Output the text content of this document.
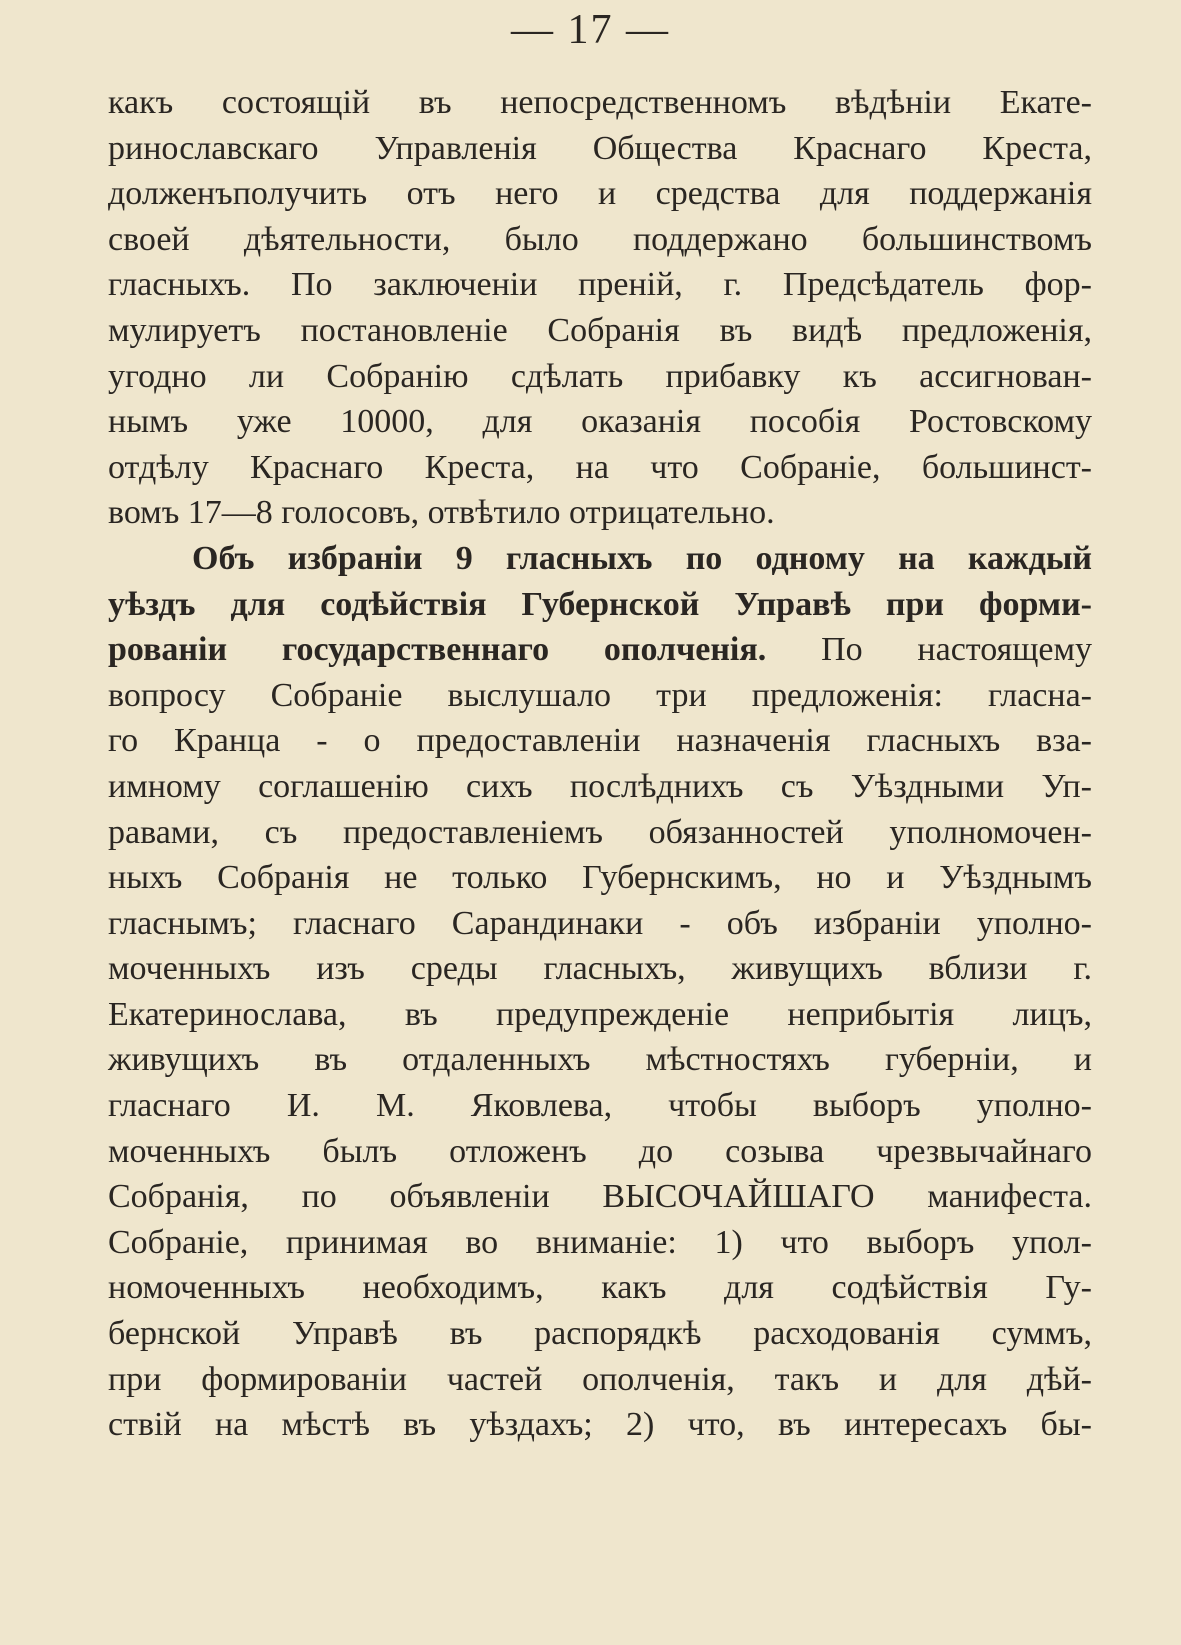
— 17 —
какъ состоящій въ непосредственномъ вѣдѣніи Екате-
ринославскаго Управленія Общества Краснаго Креста,
долженъполучить отъ него и средства для поддержанія
своей дѣятельности, было поддержано большинствомъ
гласныхъ. По заключеніи преній, г. Предсѣдатель фор-
мулируетъ постановленіе Собранія въ видѣ предложенія,
угодно ли Собранію сдѣлать прибавку къ ассигнован-
нымъ уже 10000, для оказанія пособія Ростовскому
отдѣлу Краснаго Креста, на что Собраніе, большинст-
вомъ 17—8 голосовъ, отвѣтило отрицательно.
Объ избраніи 9 гласныхъ по одному на каждый
уѣздъ для содѣйствія Губернской Управѣ при форми-
рованіи государственнаго ополченія. По настоящему
вопросу Собраніе выслушало три предложенія: гласна-
го Кранца - о предоставленіи назначенія гласныхъ вза-
имному соглашенію сихъ послѣднихъ съ Уѣздными Уп-
равами, съ предоставленіемъ обязанностей уполномочен-
ныхъ Собранія не только Губернскимъ, но и Уѣзднымъ
гласнымъ; гласнаго Сарандинаки - объ избраніи уполно-
моченныхъ изъ среды гласныхъ, живущихъ вблизи г.
Екатеринослава, въ предупрежденіе неприбытія лицъ,
живущихъ въ отдаленныхъ мѣстностяхъ губерніи, и
гласнаго И. М. Яковлева, чтобы выборъ уполно-
моченныхъ былъ отложенъ до созыва чрезвычайнаго
Собранія, по объявленіи ВЫСОЧАЙШАГО манифеста.
Собраніе, принимая во вниманіе: 1) что выборъ упол-
номоченныхъ необходимъ, какъ для содѣйствія Гу-
бернской Управѣ въ распорядкѣ расходованія суммъ,
при формированіи частей ополченія, такъ и для дѣй-
ствій на мѣстѣ въ уѣздахъ; 2) что, въ интересахъ бы-
